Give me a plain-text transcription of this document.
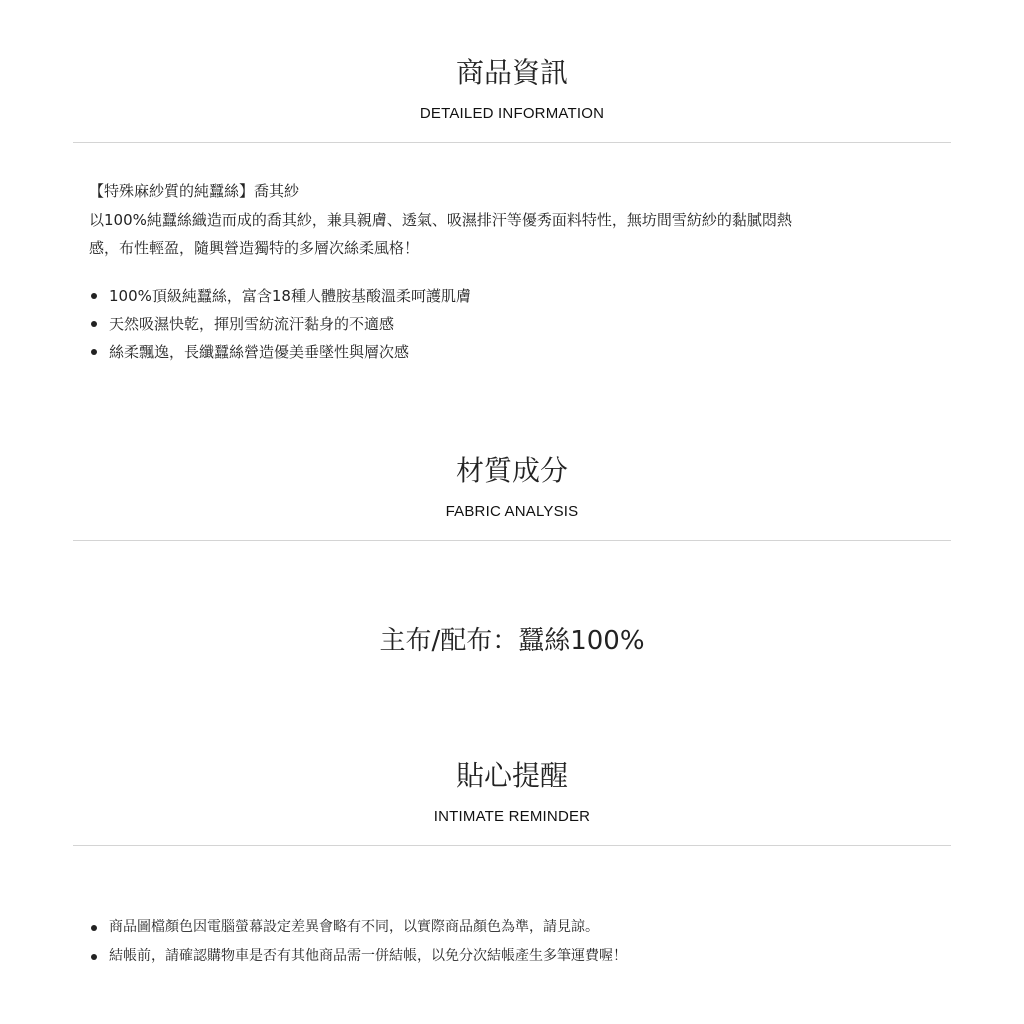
商品資訊
DETAILED INFORMATION

【特殊麻紗質的純蠶絲】喬其紗

以100%純蠶絲織造而成的喬其紗，兼具親膚、透氣、吸濕排汗等優秀面料特性，無坊間雪紡紗的黏膩悶熱

感，布性輕盈，隨興營造獨特的多層次絲柔風格！

100%頂級純蠶絲，富含18種人體胺基酸溫柔呵護肌膚
天然吸濕快乾，揮別雪紡流汗黏身的不適感
絲柔飄逸，長纖蠶絲營造優美垂墜性與層次感
材質成分
FABRIC ANALYSIS
主布/配布：蠶絲100%
貼心提醒
INTIMATE REMINDER
商品圖檔顏色因電腦螢幕設定差異會略有不同，以實際商品顏色為準，請見諒。
結帳前，請確認購物車是否有其他商品需一併結帳，以免分次結帳產生多筆運費喔！
